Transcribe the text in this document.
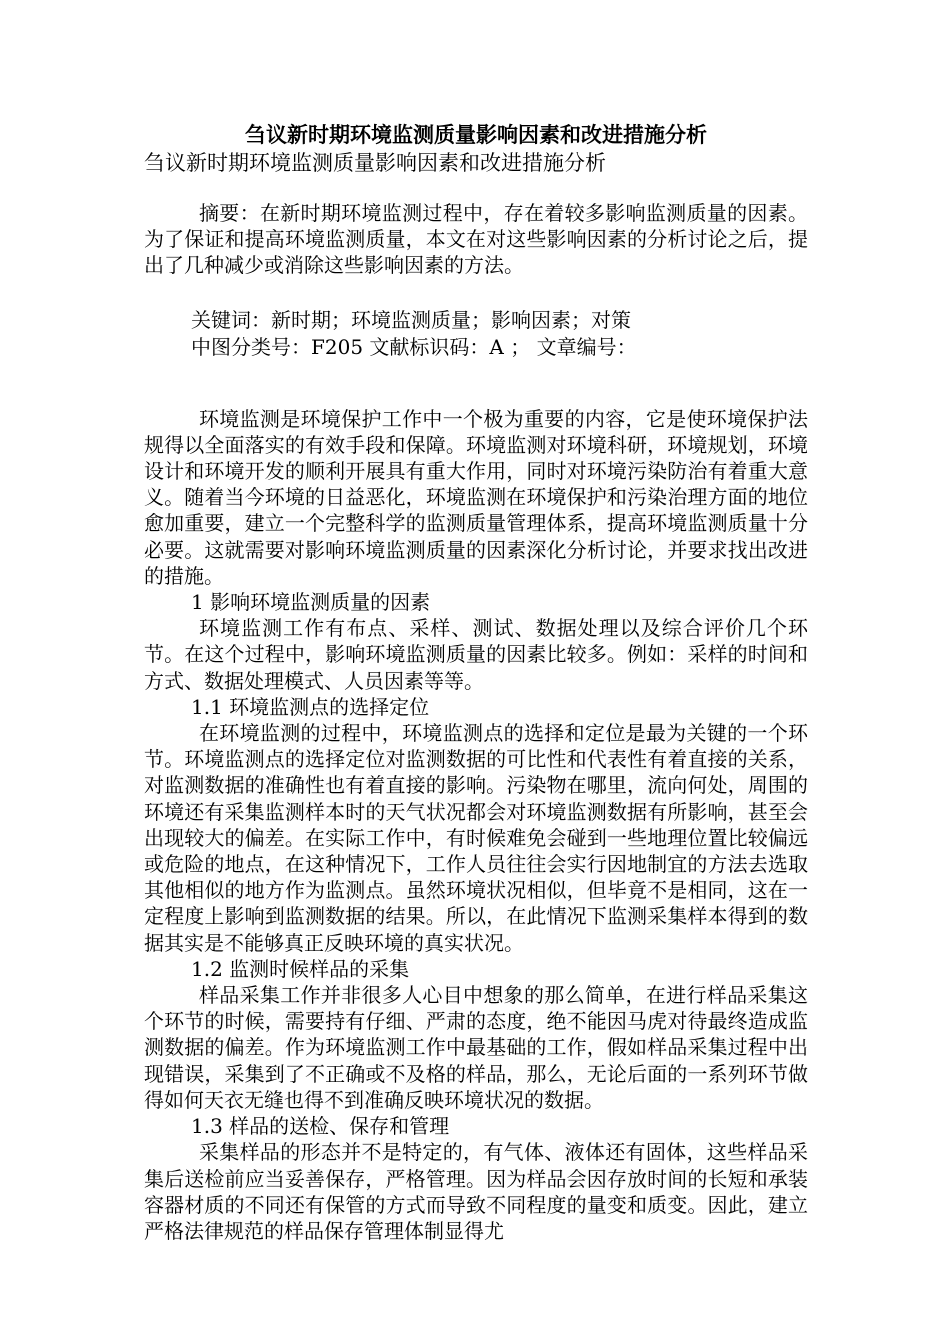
刍议新时期环境监测质量影响因素和改进措施分析

刍议新时期环境监测质量影响因素和改进措施分析

摘要：在新时期环境监测过程中，存在着较多影响监测质量的因素。为了保证和提高环境监测质量，本文在对这些影响因素的分析讨论之后，提出了几种减少或消除这些影响因素的方法。

关键词：新时期；环境监测质量；影响因素；对策

中图分类号：F205 文献标识码：A ； 文章编号：

环境监测是环境保护工作中一个极为重要的内容，它是使环境保护法规得以全面落实的有效手段和保障。环境监测对环境科研，环境规划，环境设计和环境开发的顺利开展具有重大作用，同时对环境污染防治有着重大意义。随着当今环境的日益恶化，环境监测在环境保护和污染治理方面的地位愈加重要，建立一个完整科学的监测质量管理体系，提高环境监测质量十分必要。这就需要对影响环境监测质量的因素深化分析讨论，并要求找出改进的措施。

1 影响环境监测质量的因素

环境监测工作有布点、采样、测试、数据处理以及综合评价几个环节。在这个过程中，影响环境监测质量的因素比较多。例如：采样的时间和方式、数据处理模式、人员因素等等。

1.1 环境监测点的选择定位

在环境监测的过程中，环境监测点的选择和定位是最为关键的一个环节。环境监测点的选择定位对监测数据的可比性和代表性有着直接的关系，对监测数据的准确性也有着直接的影响。污染物在哪里，流向何处，周围的环境还有采集监测样本时的天气状况都会对环境监测数据有所影响，甚至会出现较大的偏差。在实际工作中，有时候难免会碰到一些地理位置比较偏远或危险的地点，在这种情况下，工作人员往往会实行因地制宜的方法去选取其他相似的地方作为监测点。虽然环境状况相似，但毕竟不是相同，这在一定程度上影响到监测数据的结果。所以，在此情况下监测采集样本得到的数据其实是不能够真正反映环境的真实状况。

1.2 监测时候样品的采集

样品采集工作并非很多人心目中想象的那么简单，在进行样品采集这个环节的时候，需要持有仔细、严肃的态度，绝不能因马虎对待最终造成监测数据的偏差。作为环境监测工作中最基础的工作，假如样品采集过程中出现错误，采集到了不正确或不及格的样品，那么，无论后面的一系列环节做得如何天衣无缝也得不到准确反映环境状况的数据。

1.3 样品的送检、保存和管理

采集样品的形态并不是特定的，有气体、液体还有固体，这些样品采集后送检前应当妥善保存，严格管理。因为样品会因存放时间的长短和承装容器材质的不同还有保管的方式而导致不同程度的量变和质变。因此，建立严格法律规范的样品保存管理体制显得尤
